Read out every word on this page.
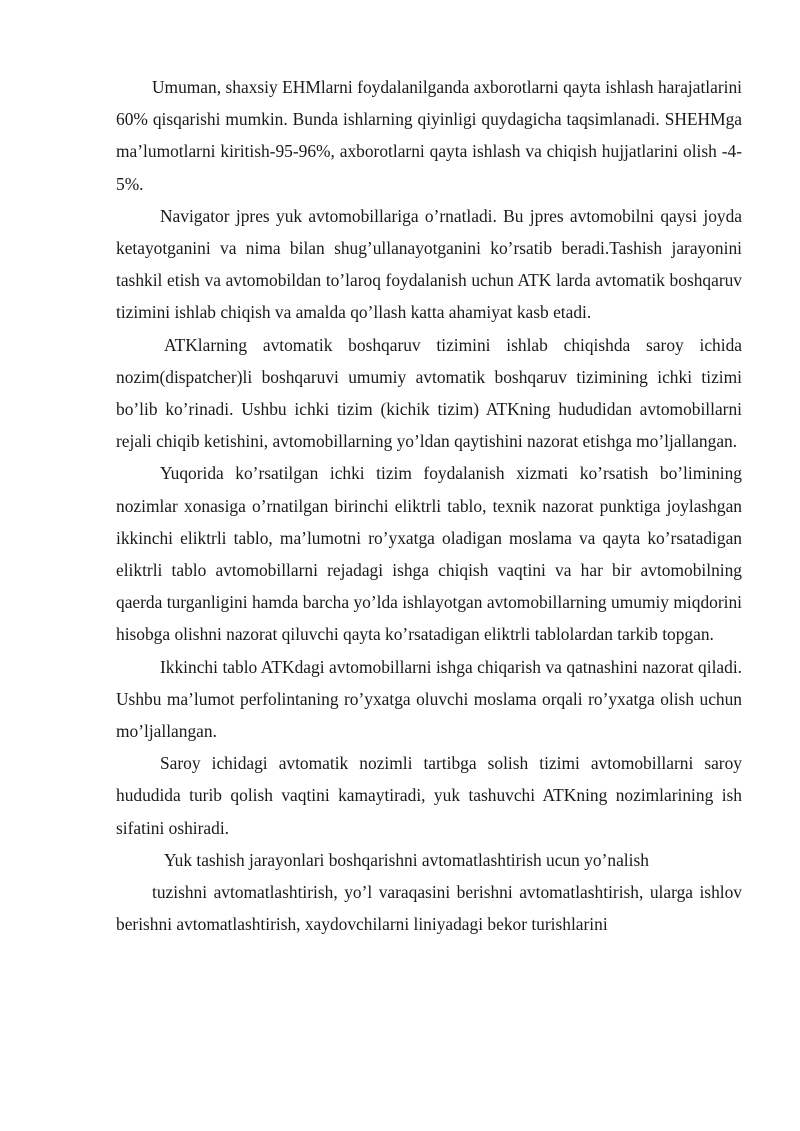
Umuman, shaxsiy EHMlarni foydalanilganda axborotlarni qayta ishlash harajatlarini 60% qisqarishi mumkin. Bunda ishlarning qiyinligi quydagicha taqsimlanadi. SHEHMga ma’lumotlarni kiritish-95-96%, axborotlarni qayta ishlash va chiqish hujjatlarini olish -4-5%.

Navigator jpres yuk avtomobillariga o’rnatladi. Bu jpres avtomobilni qaysi joyda ketayotganini va nima bilan shug’ullanayotganini ko’rsatib beradi.Tashish jarayonini tashkil etish va avtomobildan to’laroq foydalanish uchun ATK larda avtomatik boshqaruv tizimini ishlab chiqish va amalda qo’llash katta ahamiyat kasb etadi.

ATKlarning avtomatik boshqaruv tizimini ishlab chiqishda saroy ichida nozim(dispatcher)li boshqaruvi umumiy avtomatik boshqaruv tizimining ichki tizimi bo’lib ko’rinadi. Ushbu ichki tizim (kichik tizim) ATKning hududidan avtomobillarni rejali chiqib ketishini, avtomobillarning yo’ldan qaytishini nazorat etishga mo’ljallangan.

Yuqorida ko’rsatilgan ichki tizim foydalanish xizmati ko’rsatish bo’limining nozimlar xonasiga o’rnatilgan birinchi eliktrli tablo, texnik nazorat punktiga joylashgan ikkinchi eliktrli tablo, ma’lumotni ro’yxatga oladigan moslama va qayta ko’rsatadigan eliktrli tablo avtomobillarni rejadagi ishga chiqish vaqtini va har bir avtomobilning qaerda turganligini hamda barcha yo’lda ishlayotgan avtomobillarning umumiy miqdorini hisobga olishni nazorat qiluvchi qayta ko’rsatadigan eliktrli tablolardan tarkib topgan.

Ikkinchi tablo ATKdagi avtomobillarni ishga chiqarish va qatnashini nazorat qiladi. Ushbu ma’lumot perfolintaning ro’yxatga oluvchi moslama orqali ro’yxatga olish uchun mo’ljallangan.

Saroy ichidagi avtomatik nozimli tartibga solish tizimi avtomobillarni saroy hududida turib qolish vaqtini kamaytiradi, yuk tashuvchi ATKning nozimlarining ish sifatini oshiradi.

Yuk tashish jarayonlari boshqarishni avtomatlashtirish ucun yo’nalish

tuzishni avtomatlashtirish, yo’l varaqasini berishni avtomatlashtirish, ularga ishlov berishni avtomatlashtirish, xaydovchilarni liniyadagi bekor turishlarini
